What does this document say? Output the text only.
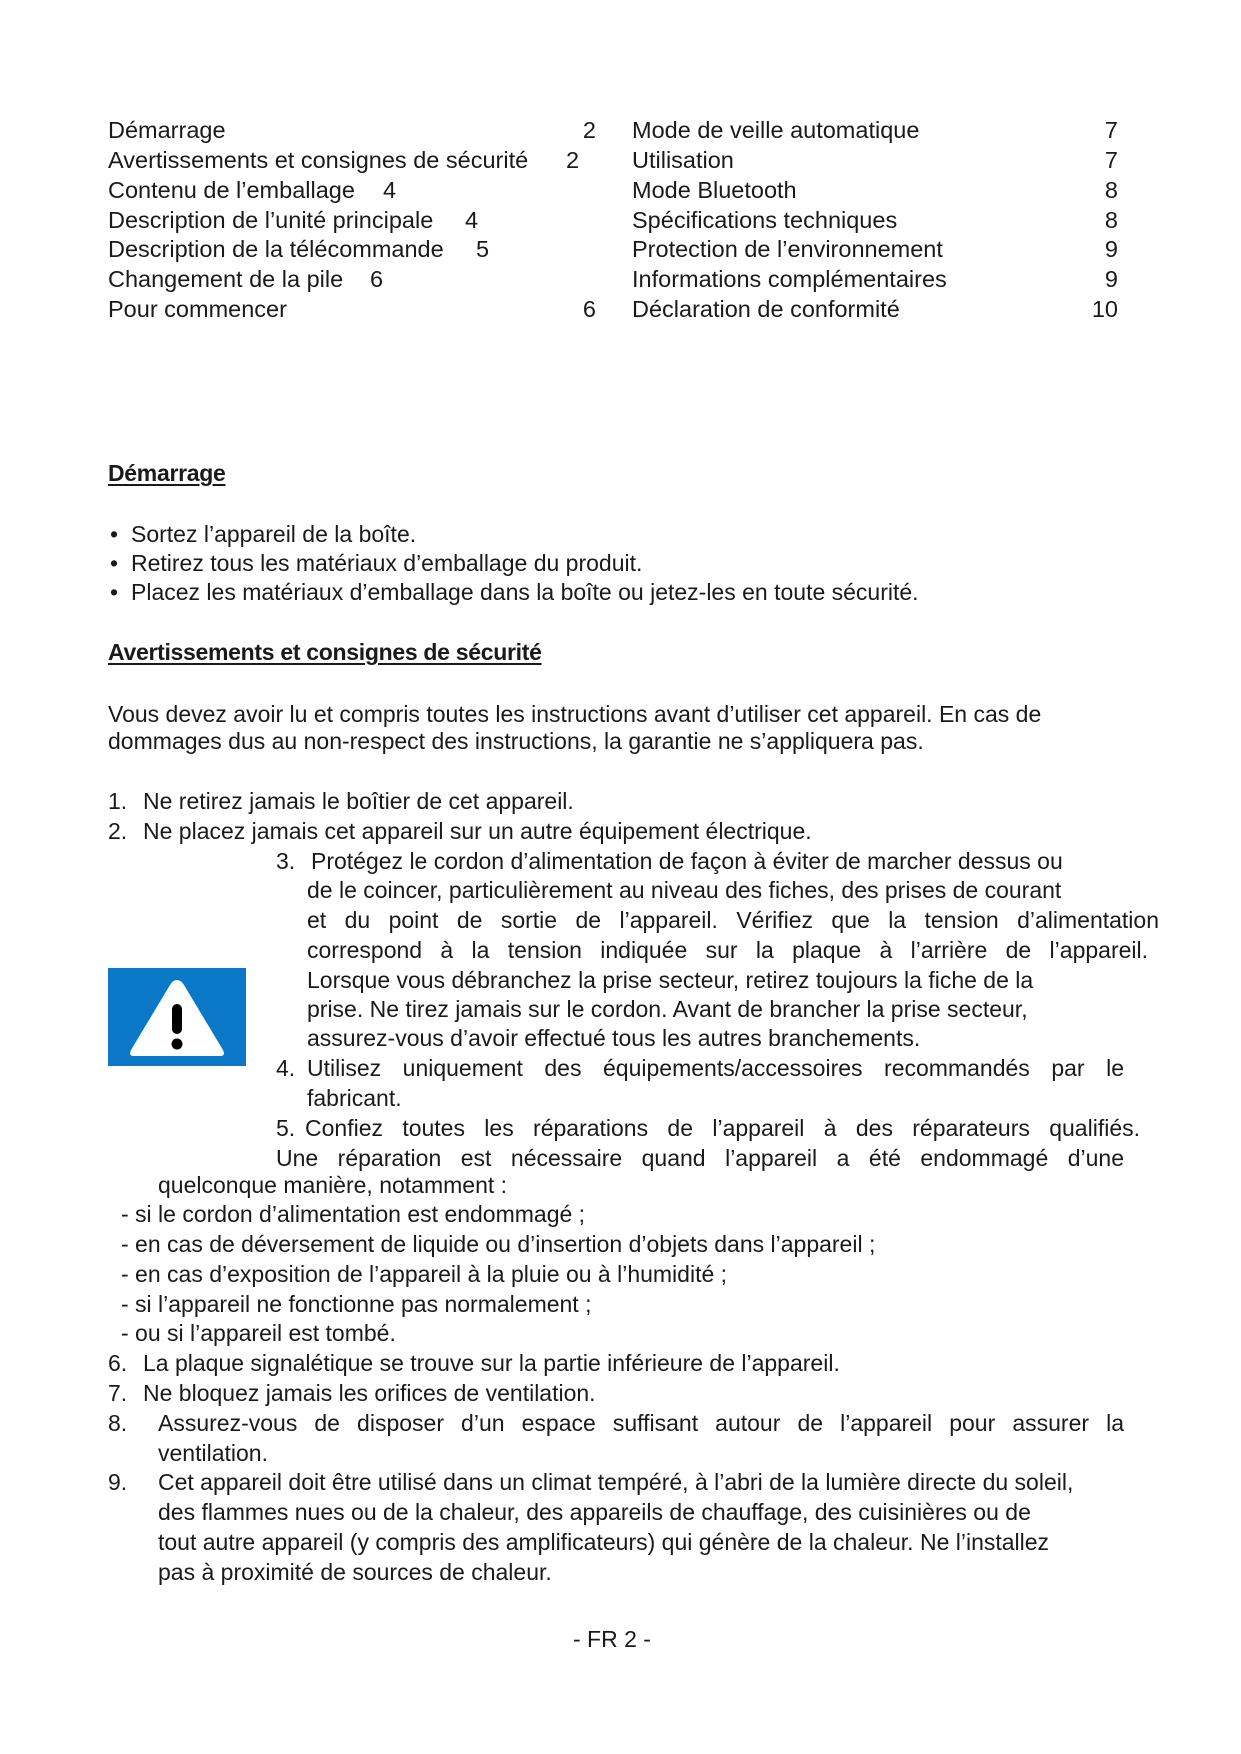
Démarrage	2
Avertissements et consignes de sécurité 2
Contenu de l’emballage 4
Description de l’unité principale 4
Description de la télécommande 5
Changement de la pile 6
Pour commencer	6
Mode de veille automatique	7
Utilisation	7
Mode Bluetooth	8
Spécifications techniques	8
Protection de l’environnement	9
Informations complémentaires	9
Déclaration de conformité	10
Démarrage
• Sortez l’appareil de la boîte.
• Retirez tous les matériaux d’emballage du produit.
• Placez les matériaux d’emballage dans la boîte ou jetez-les en toute sécurité.
Avertissements et consignes de sécurité
Vous devez avoir lu et compris toutes les instructions avant d’utiliser cet appareil. En cas de
dommages dus au non-respect des instructions, la garantie ne s’appliquera pas.
1. Ne retirez jamais le boîtier de cet appareil.
2. Ne placez jamais cet appareil sur un autre équipement électrique.
3. Protégez le cordon d’alimentation de façon à éviter de marcher dessus ou
de le coincer, particulièrement au niveau des fiches, des prises de courant
et du point de sortie de l’appareil. Vérifiez que la tension d’alimentation
correspond à la tension indiquée sur la plaque à l’arrière de l’appareil.
Lorsque vous débranchez la prise secteur, retirez toujours la fiche de la
prise. Ne tirez jamais sur le cordon. Avant de brancher la prise secteur,
assurez-vous d’avoir effectué tous les autres branchements.
4. Utilisez uniquement des équipements/accessoires recommandés par le
fabricant.
5. Confiez toutes les réparations de l’appareil à des réparateurs qualifiés.
Une réparation est nécessaire quand l’appareil a été endommagé d’une
quelconque manière, notamment :
- si le cordon d’alimentation est endommagé ;
- en cas de déversement de liquide ou d’insertion d’objets dans l’appareil ;
- en cas d’exposition de l’appareil à la pluie ou à l’humidité ;
- si l’appareil ne fonctionne pas normalement ;
- ou si l’appareil est tombé.
6. La plaque signalétique se trouve sur la partie inférieure de l’appareil.
7. Ne bloquez jamais les orifices de ventilation.
8. Assurez-vous de disposer d’un espace suffisant autour de l’appareil pour assurer la
ventilation.
9. Cet appareil doit être utilisé dans un climat tempéré, à l’abri de la lumière directe du soleil,
des flammes nues ou de la chaleur, des appareils de chauffage, des cuisinières ou de
tout autre appareil (y compris des amplificateurs) qui génère de la chaleur. Ne l’installez
pas à proximité de sources de chaleur.
- FR 2 -
